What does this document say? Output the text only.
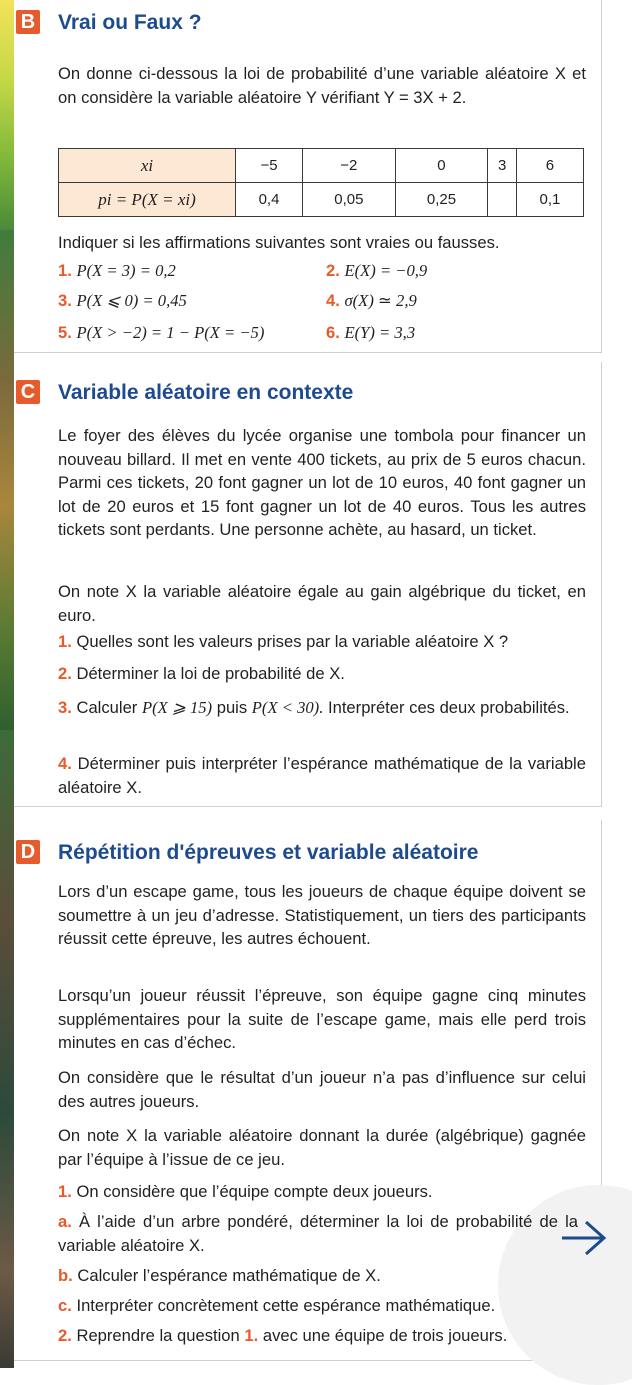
B Vrai ou Faux ?
On donne ci-dessous la loi de probabilité d’une variable aléatoire X et on considère la variable aléatoire Y vérifiant Y = 3X + 2.
xi	−5	−2	0	3	6
pi = P(X = xi)	0,4	0,05	0,25		0,1
Indiquer si les affirmations suivantes sont vraies ou fausses.
1. P(X = 3) = 0,2	2. E(X) = −0,9
3. P(X ⩽ 0) = 0,45	4. σ(X) ≃ 2,9
5. P(X > −2) = 1 − P(X = −5)	6. E(Y) = 3,3
C Variable aléatoire en contexte
Le foyer des élèves du lycée organise une tombola pour financer un nouveau billard. Il met en vente 400 tickets, au prix de 5 euros chacun. Parmi ces tickets, 20 font gagner un lot de 10 euros, 40 font gagner un lot de 20 euros et 15 font gagner un lot de 40 euros. Tous les autres tickets sont perdants. Une personne achète, au hasard, un ticket.
On note X la variable aléatoire égale au gain algébrique du ticket, en euro.
1. Quelles sont les valeurs prises par la variable aléatoire X ?
2. Déterminer la loi de probabilité de X.
3. Calculer P(X ⩾ 15) puis P(X < 30). Interpréter ces deux probabilités.
4. Déterminer puis interpréter l’espérance mathématique de la variable aléatoire X.
D Répétition d'épreuves et variable aléatoire
Lors d’un escape game, tous les joueurs de chaque équipe doivent se soumettre à un jeu d’adresse. Statistiquement, un tiers des participants réussit cette épreuve, les autres échouent.
Lorsqu’un joueur réussit l’épreuve, son équipe gagne cinq minutes supplémentaires pour la suite de l’escape game, mais elle perd trois minutes en cas d’échec.
On considère que le résultat d’un joueur n’a pas d’influence sur celui des autres joueurs.
On note X la variable aléatoire donnant la durée (algébrique) gagnée par l’équipe à l’issue de ce jeu.
1. On considère que l’équipe compte deux joueurs.
a. À l’aide d’un arbre pondéré, déterminer la loi de probabilité de la variable aléatoire X.
b. Calculer l’espérance mathématique de X.
c. Interpréter concrètement cette espérance mathématique.
2. Reprendre la question 1. avec une équipe de trois joueurs.
